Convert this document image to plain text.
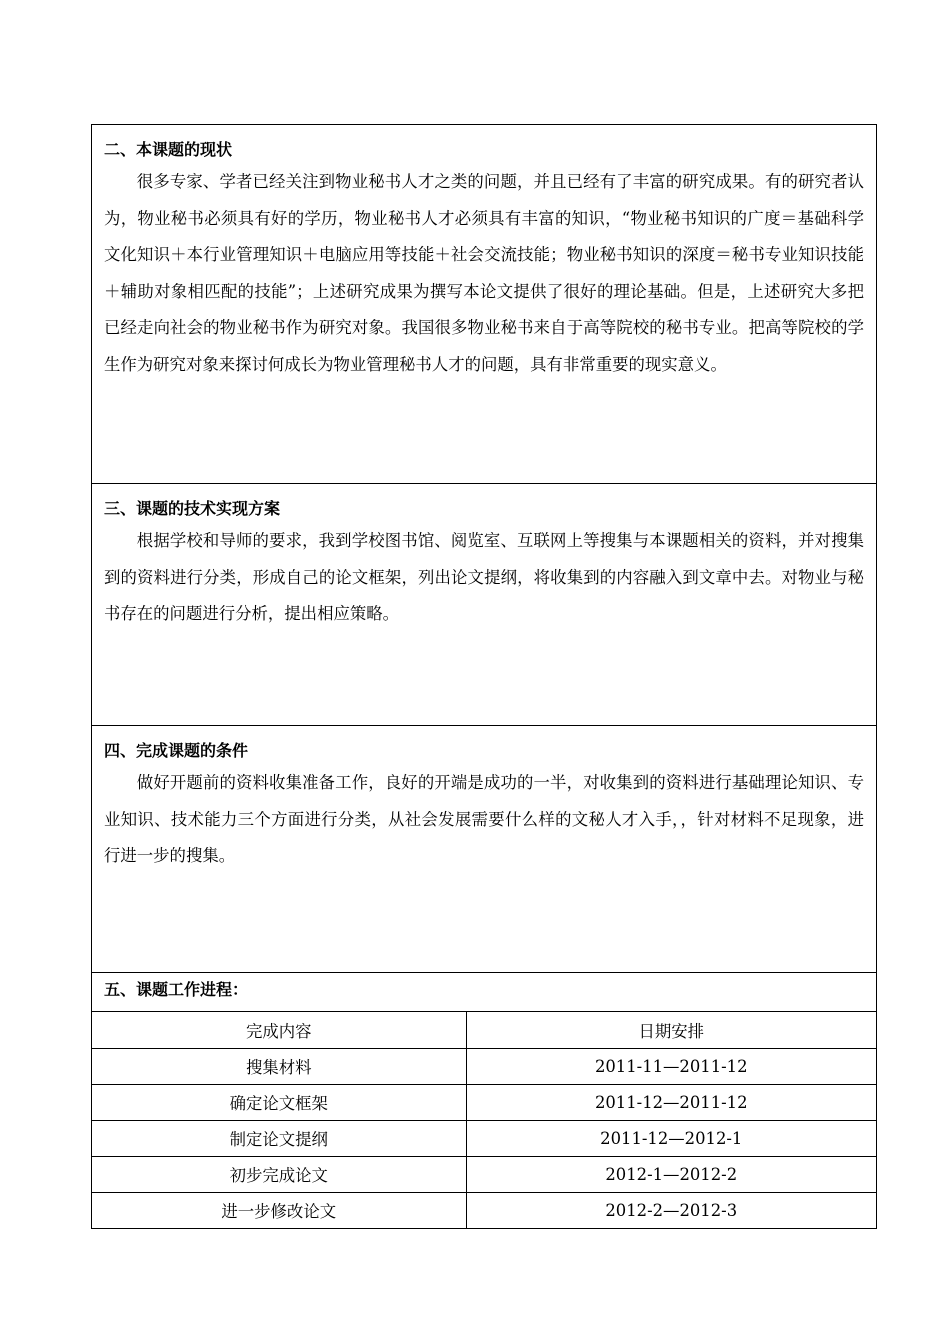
二、本课题的现状
很多专家、学者已经关注到物业秘书人才之类的问题，并且已经有了丰富的研究成果。有的研究者认为，物业秘书必须具有好的学历，物业秘书人才必须具有丰富的知识，“物业秘书知识的广度＝基础科学文化知识＋本行业管理知识＋电脑应用等技能＋社会交流技能；物业秘书知识的深度＝秘书专业知识技能＋辅助对象相匹配的技能”；上述研究成果为撰写本论文提供了很好的理论基础。但是，上述研究大多把已经走向社会的物业秘书作为研究对象。我国很多物业秘书来自于高等院校的秘书专业。把高等院校的学生作为研究对象来探讨何成长为物业管理秘书人才的问题，具有非常重要的现实意义。
三、课题的技术实现方案
根据学校和导师的要求，我到学校图书馆、阅览室、互联网上等搜集与本课题相关的资料，并对搜集到的资料进行分类，形成自己的论文框架，列出论文提纲，将收集到的内容融入到文章中去。对物业与秘书存在的问题进行分析，提出相应策略。
四、完成课题的条件
做好开题前的资料收集准备工作，良好的开端是成功的一半，对收集到的资料进行基础理论知识、专业知识、技术能力三个方面进行分类，从社会发展需要什么样的文秘人才入手，，针对材料不足现象，进行进一步的搜集。
五、课题工作进程：
完成内容	日期安排
搜集材料	2011-11—2011-12
确定论文框架	2011-12—2011-12
制定论文提纲	2011-12—2012-1
初步完成论文	2012-1—2012-2
进一步修改论文	2012-2—2012-3
